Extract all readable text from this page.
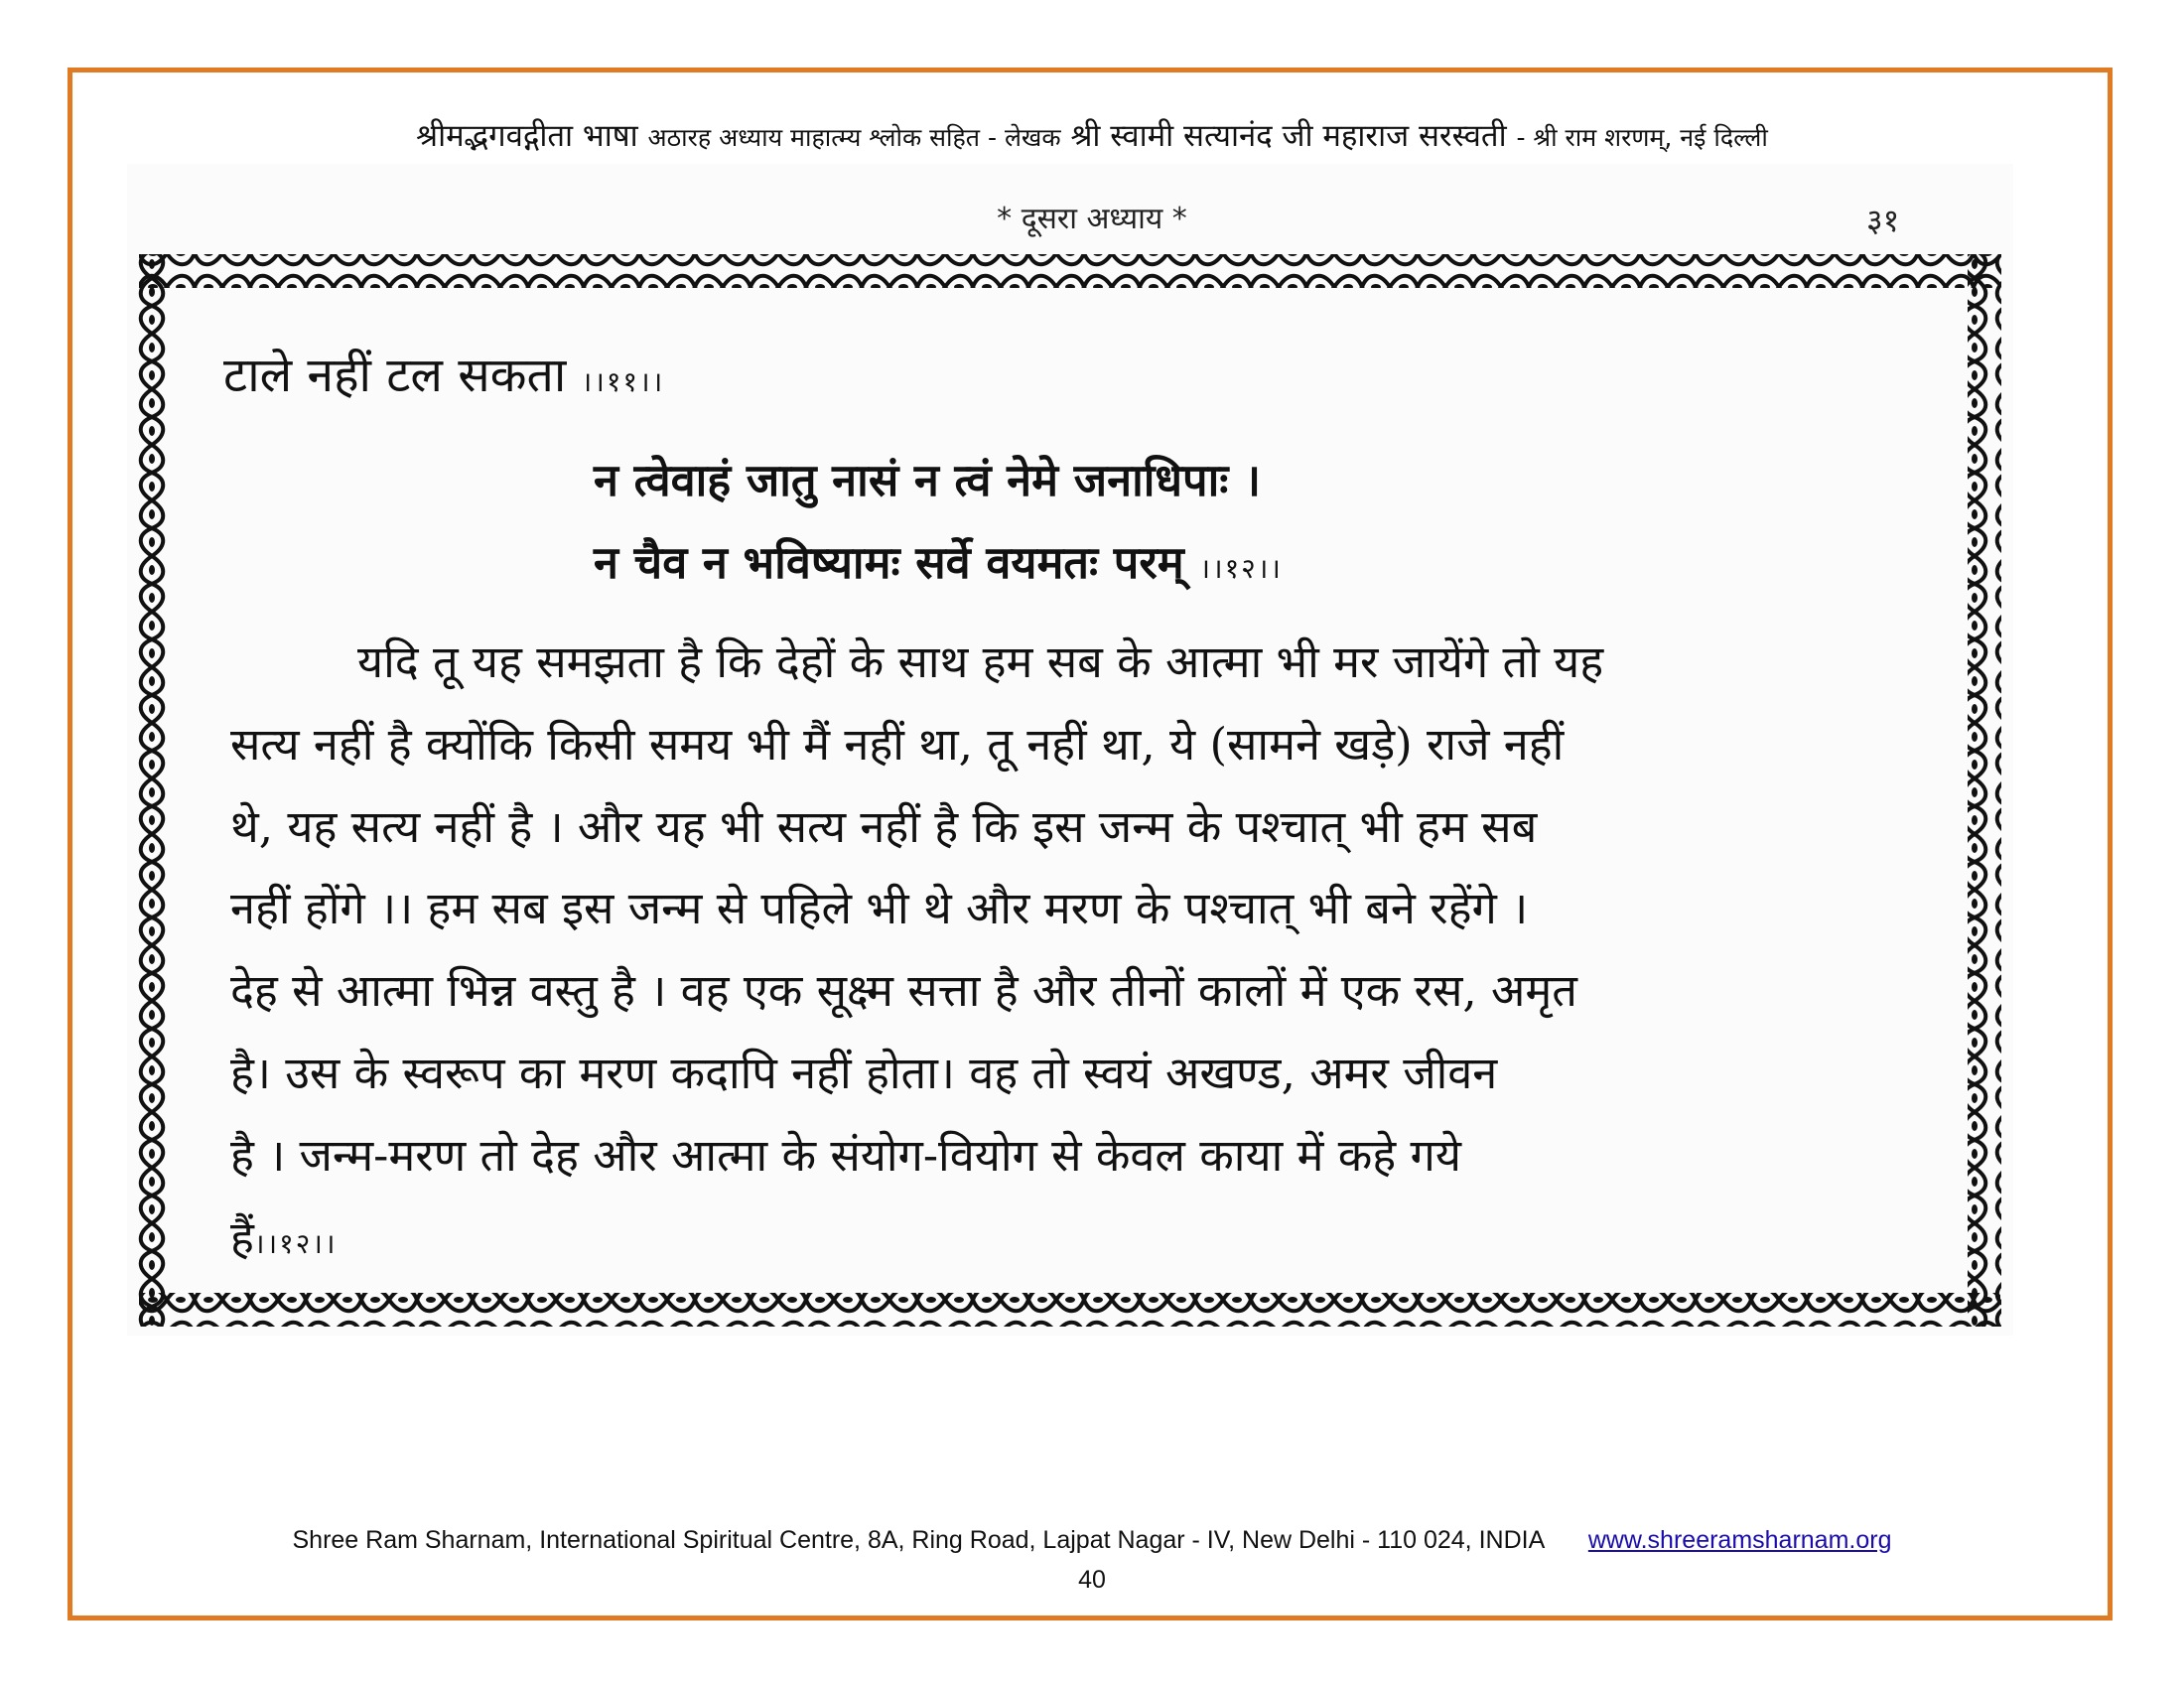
श्रीमद्भगवद्गीता भाषा अठारह अध्याय माहात्म्य श्लोक सहित - लेखक श्री स्वामी सत्यानंद जी महाराज सरस्वती - श्री राम शरणम्, नई दिल्ली
* दूसरा अध्याय *	३१
टाले नहीं टल सकता ।।११।।
न त्वेवाहं जातु नासं न त्वं नेमे जनाधिपाः ।
न चैव न भविष्यामः सर्वे वयमतः परम् ।।१२।।
यदि तू यह समझता है कि देहों के साथ हम सब के आत्मा भी मर जायेंगे तो यह
सत्य नहीं है क्योंकि किसी समय भी मैं नहीं था, तू नहीं था, ये (सामने खड़े) राजे नहीं
थे, यह सत्य नहीं है । और यह भी सत्य नहीं है कि इस जन्म के पश्चात् भी हम सब
नहीं होंगे ।। हम सब इस जन्म से पहिले भी थे और मरण के पश्चात् भी बने रहेंगे ।
देह से आत्मा भिन्न वस्तु है । वह एक सूक्ष्म सत्ता है और तीनों कालों में एक रस, अमृत
है। उस के स्वरूप का मरण कदापि नहीं होता। वह तो स्वयं अखण्ड, अमर जीवन
है । जन्म-मरण तो देह और आत्मा के संयोग-वियोग से केवल काया में कहे गये
हैं।।१२।।
Shree Ram Sharnam, International Spiritual Centre, 8A, Ring Road, Lajpat Nagar - IV, New Delhi - 110 024, INDIA www.shreeramsharnam.org
40
